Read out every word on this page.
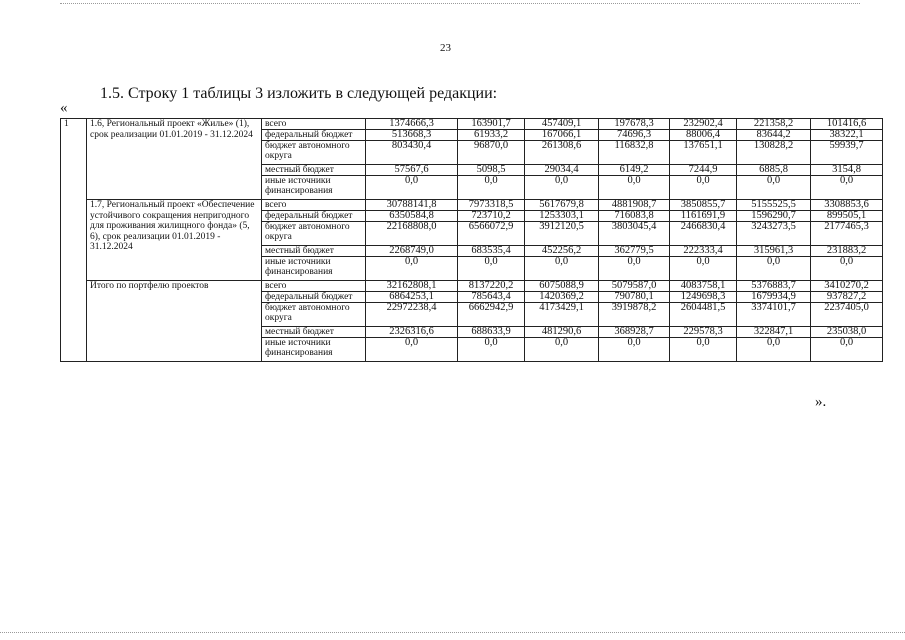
23
1.5. Строку 1 таблицы 3 изложить в следующей редакции:
«
1	1.6, Региональный проект «Жилье» (1), срок реализации 01.01.2019 - 31.12.2024	всего	1374666,3	163901,7	457409,1	197678,3	232902,4	221358,2	101416,6
		федеральный бюджет	513668,3	61933,2	167066,1	74696,3	88006,4	83644,2	38322,1
		бюджет автономного округа	803430,4	96870,0	261308,6	116832,8	137651,1	130828,2	59939,7
		местный бюджет	57567,6	5098,5	29034,4	6149,2	7244,9	6885,8	3154,8
		иные источники финансирования	0,0	0,0	0,0	0,0	0,0	0,0	0,0
	1.7, Региональный проект «Обеспечение устойчивого сокращения непригодного для проживания жилищного фонда» (5, 6), срок реализации 01.01.2019 - 31.12.2024	всего	30788141,8	7973318,5	5617679,8	4881908,7	3850855,7	5155525,5	3308853,6
		федеральный бюджет	6350584,8	723710,2	1253303,1	716083,8	1161691,9	1596290,7	899505,1
		бюджет автономного округа	22168808,0	6566072,9	3912120,5	3803045,4	2466830,4	3243273,5	2177465,3
		местный бюджет	2268749,0	683535,4	452256,2	362779,5	222333,4	315961,3	231883,2
		иные источники финансирования	0,0	0,0	0,0	0,0	0,0	0,0	0,0
	Итого по портфелю проектов	всего	32162808,1	8137220,2	6075088,9	5079587,0	4083758,1	5376883,7	3410270,2
		федеральный бюджет	6864253,1	785643,4	1420369,2	790780,1	1249698,3	1679934,9	937827,2
		бюджет автономного округа	22972238,4	6662942,9	4173429,1	3919878,2	2604481,5	3374101,7	2237405,0
		местный бюджет	2326316,6	688633,9	481290,6	368928,7	229578,3	322847,1	235038,0
		иные источники финансирования	0,0	0,0	0,0	0,0	0,0	0,0	0,0
».
